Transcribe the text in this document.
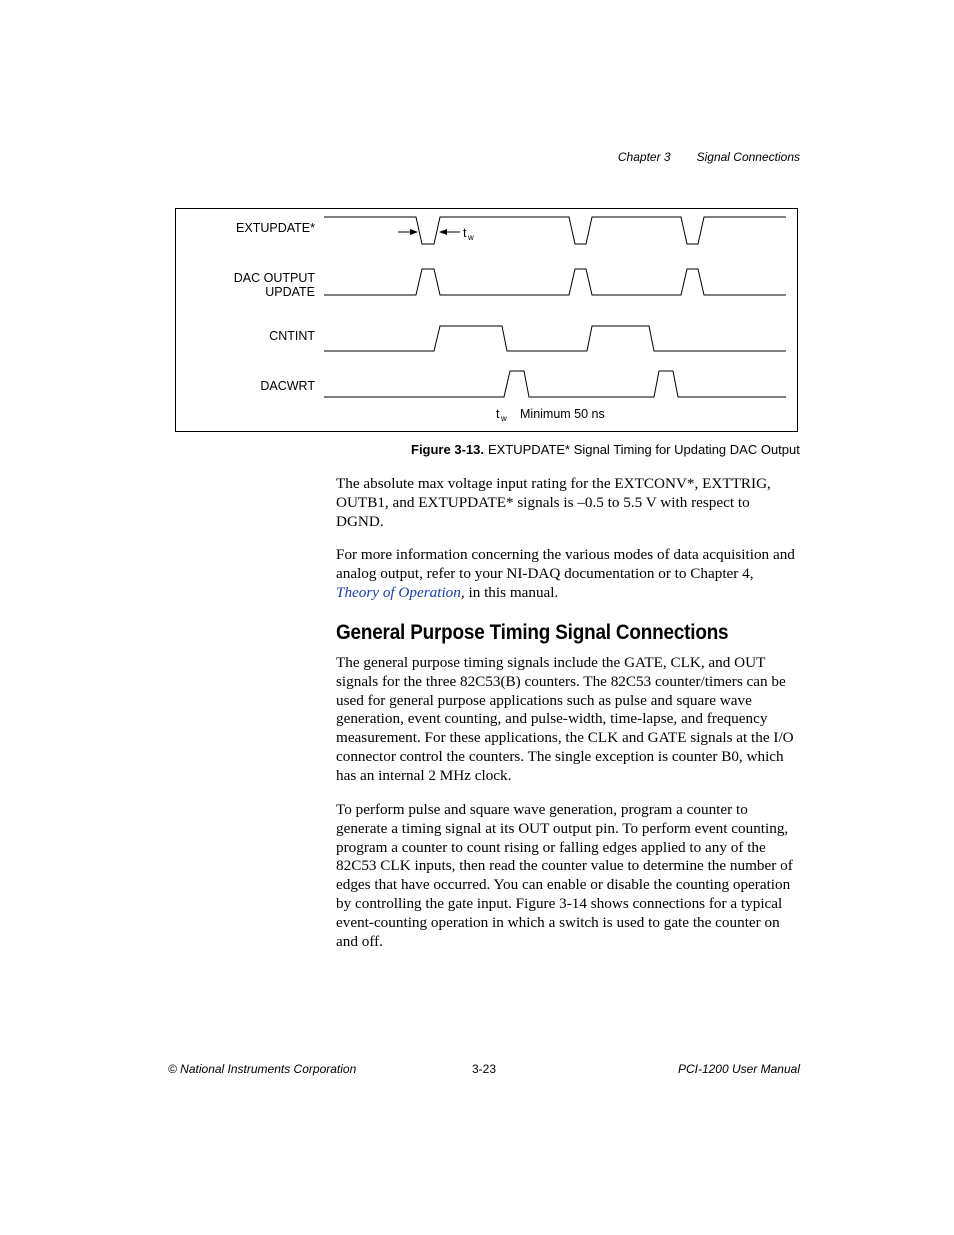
Chapter 3 Signal Connections
EXTUPDATE*
DAC OUTPUT
UPDATE
CNTINT
DACWRT
t w
t w Minimum 50 ns
Figure 3-13. EXTUPDATE* Signal Timing for Updating DAC Output

The absolute max voltage input rating for the EXTCONV*, EXTTRIG, OUTB1, and EXTUPDATE* signals is –0.5 to 5.5 V with respect to DGND.

For more information concerning the various modes of data acquisition and analog output, refer to your NI-DAQ documentation or to Chapter 4, Theory of Operation, in this manual.

General Purpose Timing Signal Connections

The general purpose timing signals include the GATE, CLK, and OUT signals for the three 82C53(B) counters. The 82C53 counter/timers can be used for general purpose applications such as pulse and square wave generation, event counting, and pulse-width, time-lapse, and frequency measurement. For these applications, the CLK and GATE signals at the I/O connector control the counters. The single exception is counter B0, which has an internal 2 MHz clock.

To perform pulse and square wave generation, program a counter to generate a timing signal at its OUT output pin. To perform event counting, program a counter to count rising or falling edges applied to any of the 82C53 CLK inputs, then read the counter value to determine the number of edges that have occurred. You can enable or disable the counting operation by controlling the gate input. Figure 3-14 shows connections for a typical event-counting operation in which a switch is used to gate the counter on and off.

© National Instruments Corporation	3-23	PCI-1200 User Manual
